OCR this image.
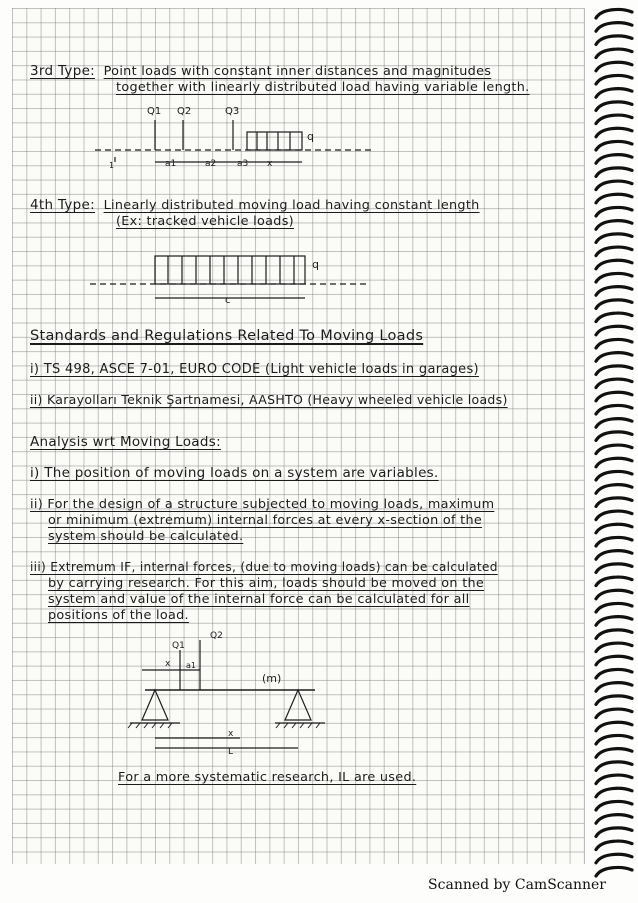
3rd Type: Point loads with constant inner distances and magnitudes
together with linearly distributed load having variable length.
Q1 Q2	Q3
q
a1	a2 a3 x
1
4th Type: Linearly distributed moving load having constant length
(Ex: tracked vehicle loads)
q
c
Standards and Regulations Related To Moving Loads
i) TS 498, ASCE 7-01, EURO CODE (Light vehicle loads in garages)
ii) Karayolları Teknik Şartnamesi, AASHTO (Heavy wheeled vehicle loads)
Analysis wrt Moving Loads:
i) The position of moving loads on a system are variables.
ii) For the design of a structure subjected to moving loads, maximum
or minimum (extremum) internal forces at every x-section of the
system should be calculated.
iii) Extremum IF, internal forces, (due to moving loads) can be calculated
by carrying research. For this aim, loads should be moved on the
system and value of the internal force can be calculated for all
positions of the load.
Q1
Q2
x a1
(m)
x
L
For a more systematic research, IL are used.
Scanned by CamScanner
